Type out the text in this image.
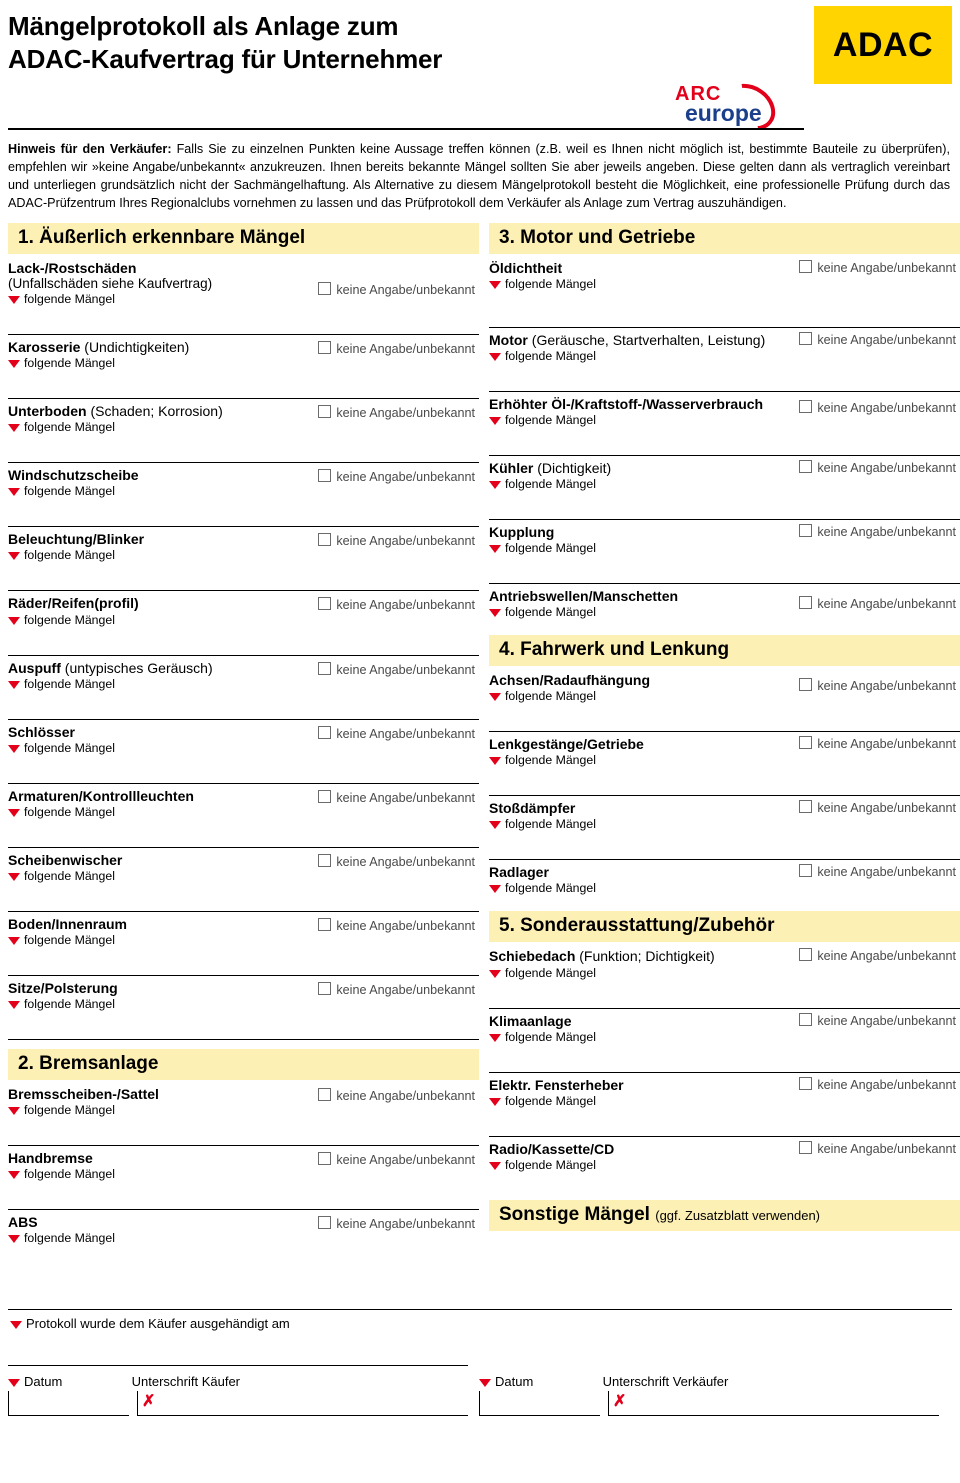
Mängelprotokoll als Anlage zum
ADAC-Kaufvertrag für Unternehmer	ADAC
ARC
europe
Hinweis für den Verkäufer: Falls Sie zu einzelnen Punkten keine Aussage treffen können (z.B. weil es Ihnen nicht möglich ist, bestimmte Bauteile zu überprüfen), empfehlen wir »keine Angabe/unbekannt« anzukreuzen. Ihnen bereits bekannte Mängel sollten Sie aber jeweils angeben. Diese gelten dann als vertraglich vereinbart und unterliegen grundsätzlich nicht der Sachmängelhaftung. Als Alternative zu diesem Mängelprotokoll besteht die Möglichkeit, eine professionelle Prüfung durch das ADAC-Prüfzentrum Ihres Regionalclubs vornehmen zu lassen und das Prüfprotokoll dem Verkäufer als Anlage zum Vertrag auszuhändigen.
1. Äußerlich erkennbare Mängel
Lack-/Rostschäden
(Unfallschäden siehe Kaufvertrag)
folgende Mängel
keine Angabe/unbekannt
Karosserie (Undichtigkeiten)
folgende Mängel
keine Angabe/unbekannt
Unterboden (Schaden; Korrosion)
folgende Mängel
keine Angabe/unbekannt
Windschutzscheibe
folgende Mängel
keine Angabe/unbekannt
Beleuchtung/Blinker
folgende Mängel
keine Angabe/unbekannt
Räder/Reifen(profil)
folgende Mängel
keine Angabe/unbekannt
Auspuff (untypisches Geräusch)
folgende Mängel
keine Angabe/unbekannt
Schlösser
folgende Mängel
keine Angabe/unbekannt
Armaturen/Kontrollleuchten
folgende Mängel
keine Angabe/unbekannt
Scheibenwischer
folgende Mängel
keine Angabe/unbekannt
Boden/Innenraum
folgende Mängel
keine Angabe/unbekannt
Sitze/Polsterung
folgende Mängel
keine Angabe/unbekannt
2. Bremsanlage
Bremsscheiben-/Sattel
folgende Mängel
keine Angabe/unbekannt
Handbremse
folgende Mängel
keine Angabe/unbekannt
ABS
folgende Mängel
keine Angabe/unbekannt
3. Motor und Getriebe
Öldichtheit
folgende Mängel
keine Angabe/unbekannt
Motor (Geräusche, Startverhalten, Leistung)
folgende Mängel
keine Angabe/unbekannt
Erhöhter Öl-/Kraftstoff-/Wasserverbrauch
folgende Mängel
keine Angabe/unbekannt
Kühler (Dichtigkeit)
folgende Mängel
keine Angabe/unbekannt
Kupplung
folgende Mängel
keine Angabe/unbekannt
Antriebswellen/Manschetten
folgende Mängel
keine Angabe/unbekannt
4. Fahrwerk und Lenkung
Achsen/Radaufhängung
folgende Mängel
keine Angabe/unbekannt
Lenkgestänge/Getriebe
folgende Mängel
keine Angabe/unbekannt
Stoßdämpfer
folgende Mängel
keine Angabe/unbekannt
Radlager
folgende Mängel
keine Angabe/unbekannt
5. Sonderausstattung/Zubehör
Schiebedach (Funktion; Dichtigkeit)
folgende Mängel
keine Angabe/unbekannt
Klimaanlage
folgende Mängel
keine Angabe/unbekannt
Elektr. Fensterheber
folgende Mängel
keine Angabe/unbekannt
Radio/Kassette/CD
folgende Mängel
keine Angabe/unbekannt
Sonstige Mängel (ggf. Zusatzblatt verwenden)
Protokoll wurde dem Käufer ausgehändigt am
Datum	Unterschrift Käufer
✗
Datum	Unterschrift Verkäufer
✗
